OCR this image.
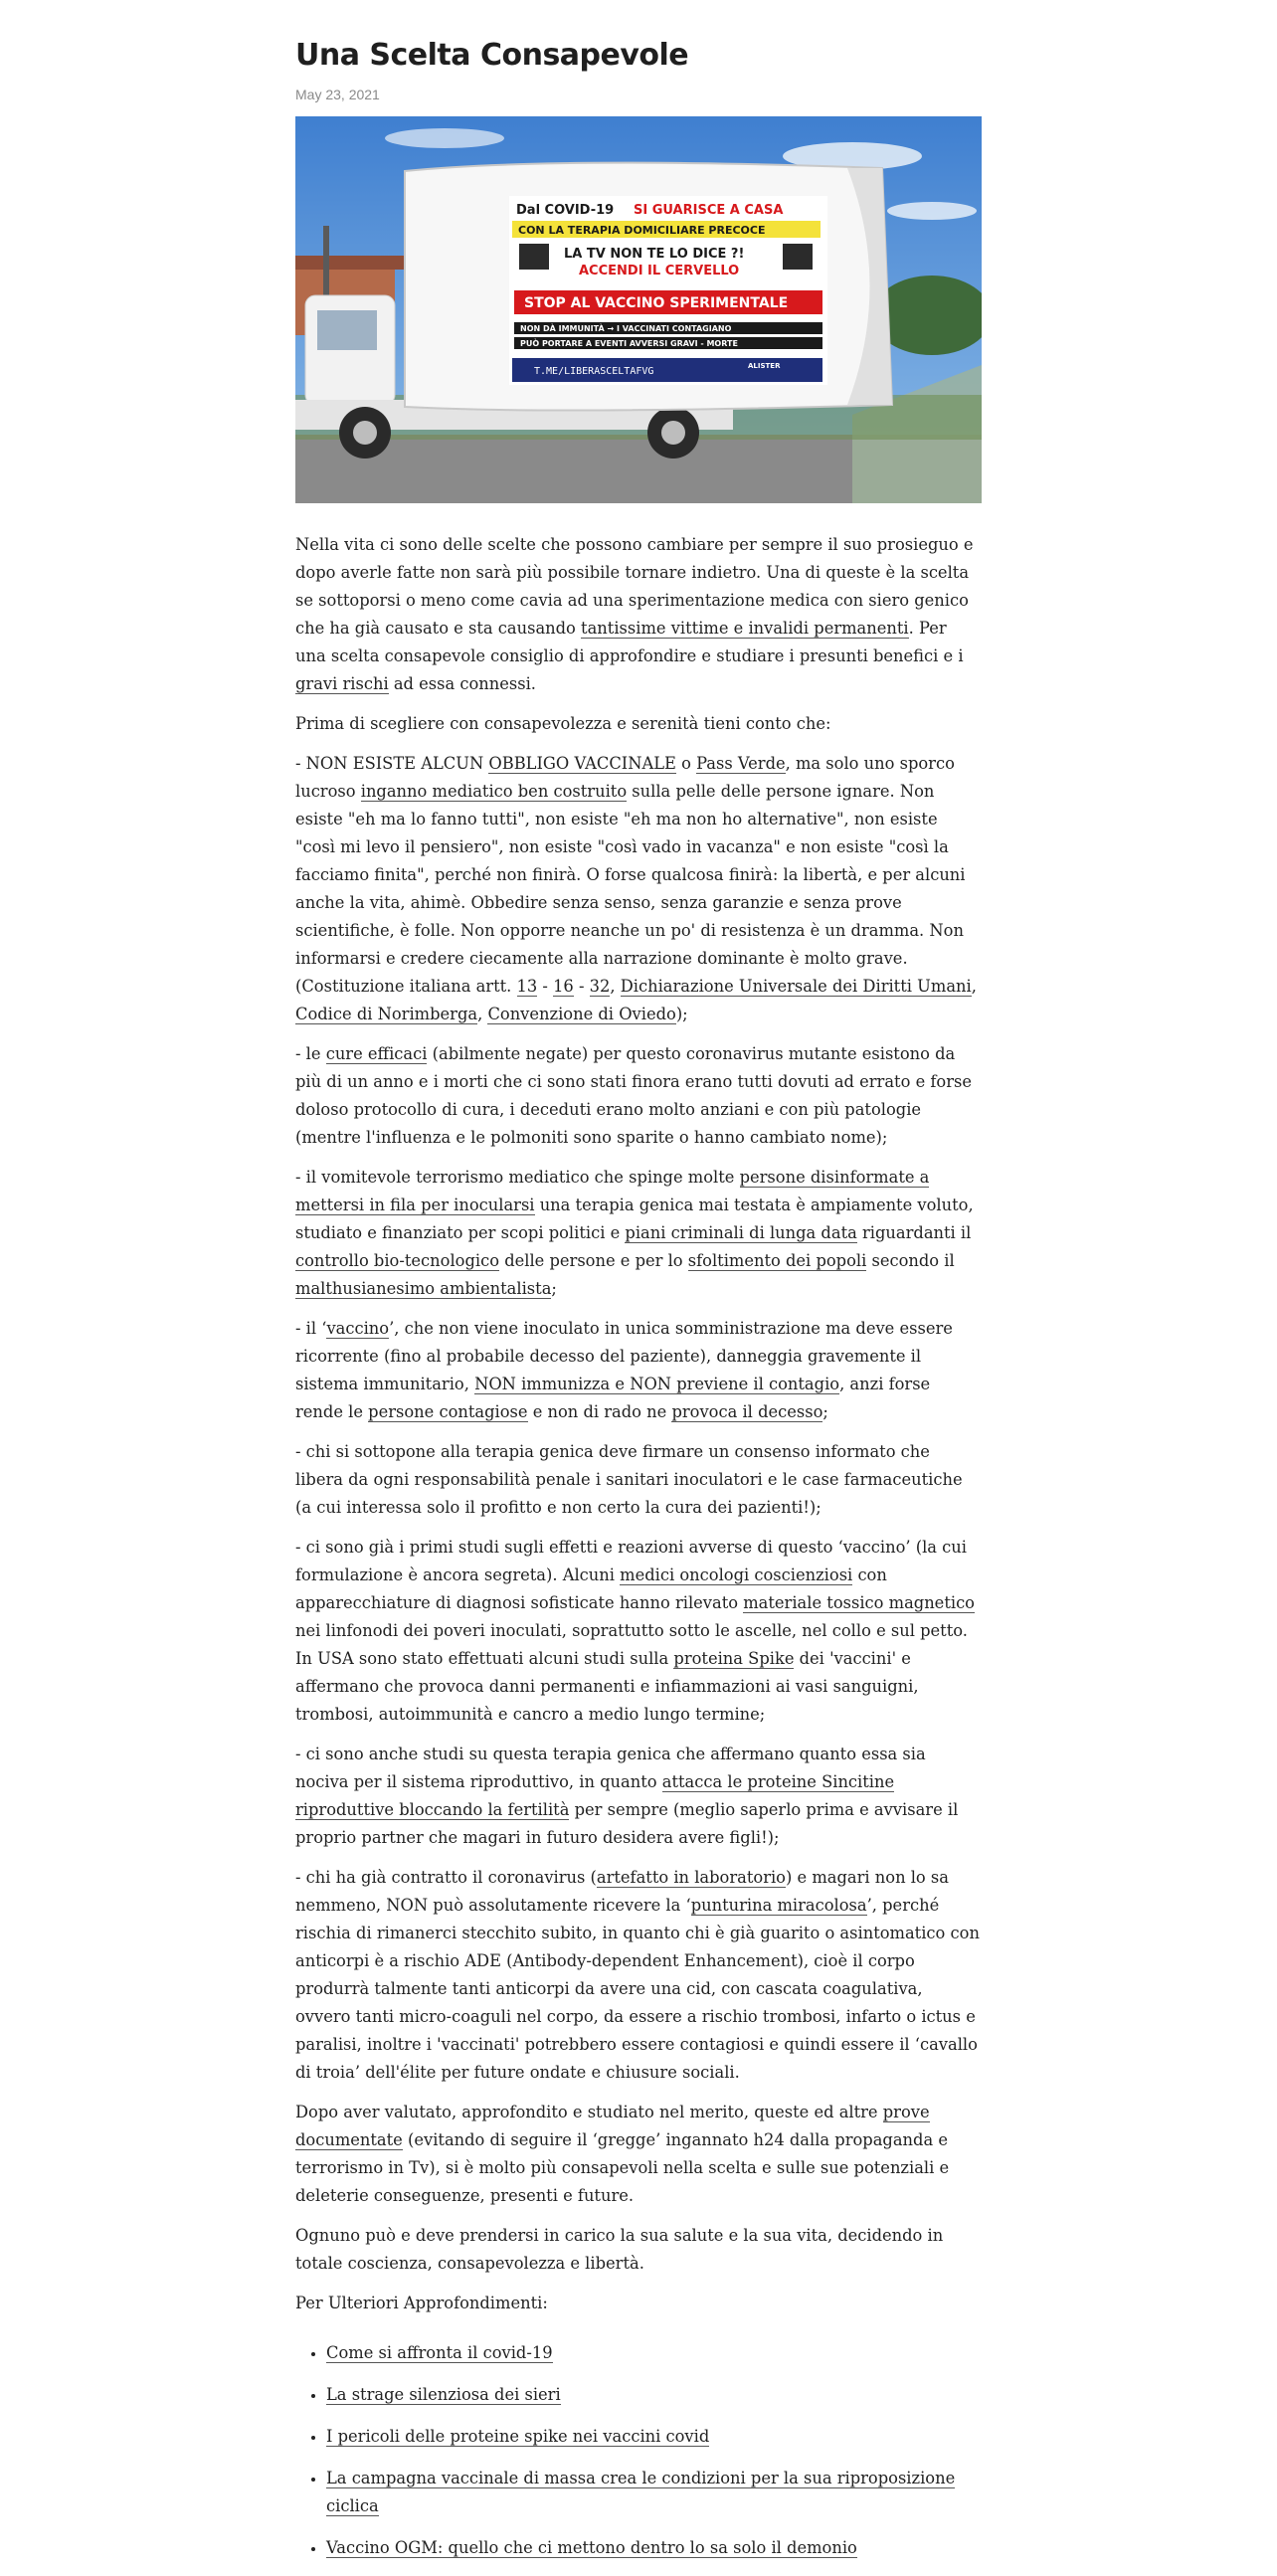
Una Scelta Consapevole
May 23, 2021
Dal COVID-19 SI GUARISCE A CASA
CON LA TERAPIA DOMICILIARE PRECOCE
LA TV NON TE LO DICE ?!
ACCENDI IL CERVELLO
STOP AL VACCINO SPERIMENTALE
NON DÀ IMMUNITÀ → I VACCINATI CONTAGIANO
PUÒ PORTARE A EVENTI AVVERSI GRAVI - MORTE
T.ME/LIBERASCELTAFVG	ALISTER

Nella vita ci sono delle scelte che possono cambiare per sempre il suo prosieguo e dopo averle fatte non sarà più possibile tornare indietro. Una di queste è la scelta se sottoporsi o meno come cavia ad una sperimentazione medica con siero genico che ha già causato e sta causando tantissime vittime e invalidi permanenti. Per una scelta consapevole consiglio di approfondire e studiare i presunti benefici e i gravi rischi ad essa connessi.

Prima di scegliere con consapevolezza e serenità tieni conto che:

- NON ESISTE ALCUN OBBLIGO VACCINALE o Pass Verde, ma solo uno sporco lucroso inganno mediatico ben costruito sulla pelle delle persone ignare. Non esiste "eh ma lo fanno tutti", non esiste "eh ma non ho alternative", non esiste "così mi levo il pensiero", non esiste "così vado in vacanza" e non esiste "così la facciamo finita", perché non finirà. O forse qualcosa finirà: la libertà, e per alcuni anche la vita, ahimè. Obbedire senza senso, senza garanzie e senza prove scientifiche, è folle. Non opporre neanche un po' di resistenza è un dramma. Non informarsi e credere ciecamente alla narrazione dominante è molto grave. (Costituzione italiana artt. 13 - 16 - 32, Dichiarazione Universale dei Diritti Umani, Codice di Norimberga, Convenzione di Oviedo);

- le cure efficaci (abilmente negate) per questo coronavirus mutante esistono da più di un anno e i morti che ci sono stati finora erano tutti dovuti ad errato e forse doloso protocollo di cura, i deceduti erano molto anziani e con più patologie (mentre l'influenza e le polmoniti sono sparite o hanno cambiato nome);

- il vomitevole terrorismo mediatico che spinge molte persone disinformate a mettersi in fila per inocularsi una terapia genica mai testata è ampiamente voluto, studiato e finanziato per scopi politici e piani criminali di lunga data riguardanti il controllo bio-tecnologico delle persone e per lo sfoltimento dei popoli secondo il malthusianesimo ambientalista;

- il ‘vaccino’, che non viene inoculato in unica somministrazione ma deve essere ricorrente (fino al probabile decesso del paziente), danneggia gravemente il sistema immunitario, NON immunizza e NON previene il contagio, anzi forse rende le persone contagiose e non di rado ne provoca il decesso;

- chi si sottopone alla terapia genica deve firmare un consenso informato che libera da ogni responsabilità penale i sanitari inoculatori e le case farmaceutiche (a cui interessa solo il profitto e non certo la cura dei pazienti!);

- ci sono già i primi studi sugli effetti e reazioni avverse di questo ‘vaccino’ (la cui formulazione è ancora segreta). Alcuni medici oncologi coscienziosi con apparecchiature di diagnosi sofisticate hanno rilevato materiale tossico magnetico nei linfonodi dei poveri inoculati, soprattutto sotto le ascelle, nel collo e sul petto. In USA sono stato effettuati alcuni studi sulla proteina Spike dei 'vaccini' e affermano che provoca danni permanenti e infiammazioni ai vasi sanguigni, trombosi, autoimmunità e cancro a medio lungo termine;

- ci sono anche studi su questa terapia genica che affermano quanto essa sia nociva per il sistema riproduttivo, in quanto attacca le proteine Sincitine riproduttive bloccando la fertilità per sempre (meglio saperlo prima e avvisare il proprio partner che magari in futuro desidera avere figli!);

- chi ha già contratto il coronavirus (artefatto in laboratorio) e magari non lo sa nemmeno, NON può assolutamente ricevere la ‘punturina miracolosa’, perché rischia di rimanerci stecchito subito, in quanto chi è già guarito o asintomatico con anticorpi è a rischio ADE (Antibody-dependent Enhancement), cioè il corpo produrrà talmente tanti anticorpi da avere una cid, con cascata coagulativa, ovvero tanti micro-coaguli nel corpo, da essere a rischio trombosi, infarto o ictus e paralisi, inoltre i 'vaccinati' potrebbero essere contagiosi e quindi essere il ‘cavallo di troia’ dell'élite per future ondate e chiusure sociali.

Dopo aver valutato, approfondito e studiato nel merito, queste ed altre prove documentate (evitando di seguire il ‘gregge’ ingannato h24 dalla propaganda e terrorismo in Tv), si è molto più consapevoli nella scelta e sulle sue potenziali e deleterie conseguenze, presenti e future.

Ognuno può e deve prendersi in carico la sua salute e la sua vita, decidendo in totale coscienza, consapevolezza e libertà.

Per Ulteriori Approfondimenti:

• Come si affronta il covid-19
• La strage silenziosa dei sieri
• I pericoli delle proteine spike nei vaccini covid
• La campagna vaccinale di massa crea le condizioni per la sua riproposizione ciclica
• Vaccino OGM: quello che ci mettono dentro lo sa solo il demonio
